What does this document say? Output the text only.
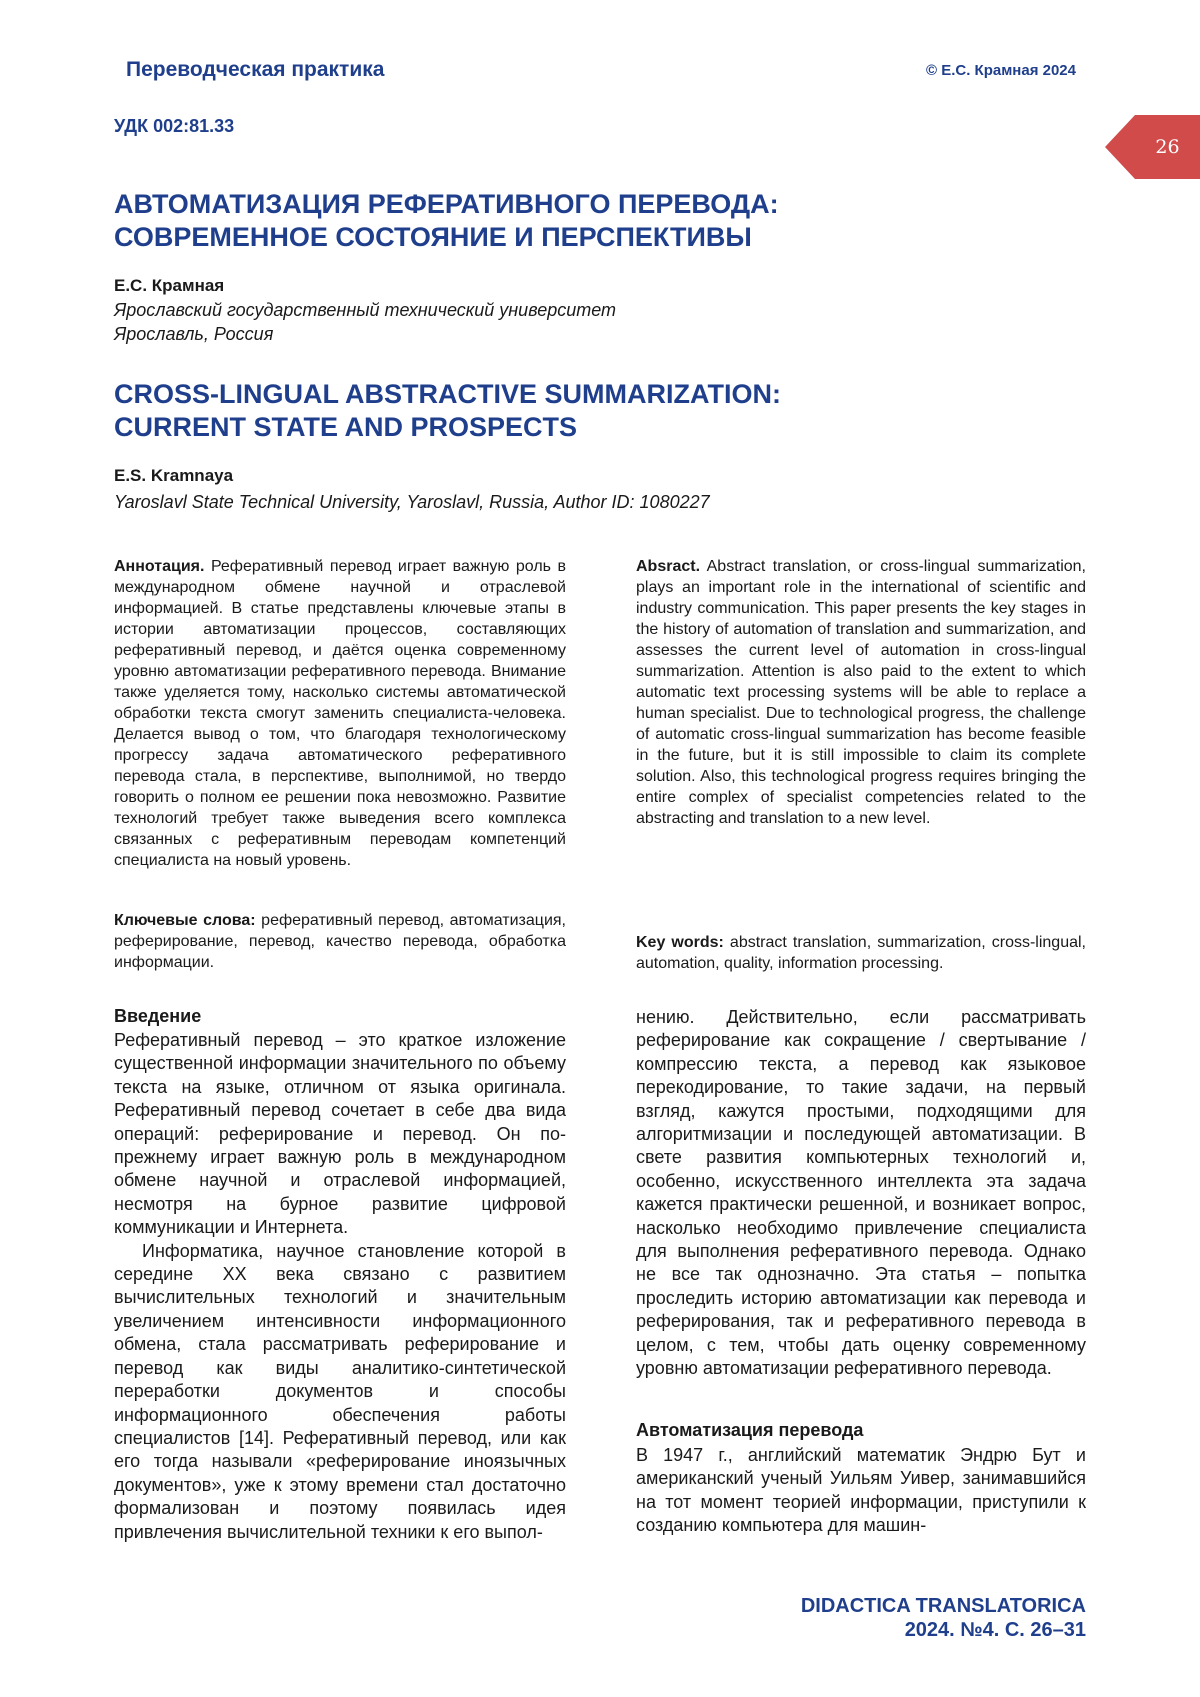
Переводческая практика	© Е.С. Крамная 2024
УДК 002:81.33
26
АВТОМАТИЗАЦИЯ РЕФЕРАТИВНОГО ПЕРЕВОДА:
СОВРЕМЕННОЕ СОСТОЯНИЕ И ПЕРСПЕКТИВЫ
Е.С. Крамная
Ярославский государственный технический университет
Ярославль, Россия
CROSS-LINGUAL ABSTRACTIVE SUMMARIZATION:
CURRENT STATE AND PROSPECTS
E.S. Kramnaya
Yaroslavl State Technical University, Yaroslavl, Russia, Author ID: 1080227
Аннотация. Реферативный перевод играет важную роль в международном обмене научной и отраслевой информацией. В статье представлены ключевые этапы в истории автоматизации процессов, составляющих реферативный перевод, и даётся оценка современному уровню автоматизации реферативного перевода. Внимание также уделяется тому, насколько системы автоматической обработки текста смогут заменить специалиста-человека. Делается вывод о том, что благодаря технологическому прогрессу задача автоматического реферативного перевода стала, в перспективе, выполнимой, но твердо говорить о полном ее решении пока невозможно. Развитие технологий требует также выведения всего комплекса связанных с реферативным переводам компетенций специалиста на новый уровень.
Absract. Abstract translation, or cross-lingual summarization, plays an important role in the international of scientific and industry communication. This paper presents the key stages in the history of automation of translation and summarization, and assesses the current level of automation in cross-lingual summarization. Attention is also paid to the extent to which automatic text processing systems will be able to replace a human specialist. Due to technological progress, the challenge of automatic cross-lingual summarization has become feasible in the future, but it is still impossible to claim its complete solution. Also, this technological progress requires bringing the entire complex of specialist competencies related to the abstracting and translation to a new level.
Ключевые слова: реферативный перевод, автоматизация, реферирование, перевод, качество перевода, обработка информации.
Key words: abstract translation, summarization, cross-lingual, automation, quality, information processing.
Введение

Реферативный перевод – это краткое изложение существенной информации значительного по объему текста на языке, отличном от языка оригинала. Реферативный перевод сочетает в себе два вида операций: реферирование и перевод. Он по-прежнему играет важную роль в международном обмене научной и отраслевой информацией, несмотря на бурное развитие цифровой коммуникации и Интернета.

Информатика, научное становление которой в середине XX века связано с развитием вычислительных технологий и значительным увеличением интенсивности информационного обмена, стала рассматривать реферирование и перевод как виды аналитико-синтетической переработки документов и способы информационного обеспечения работы специалистов [14]. Реферативный перевод, или как его тогда называли «реферирование иноязычных документов», уже к этому времени стал достаточно формализован и поэтому появилась идея привлечения вычислительной техники к его выпол-

нению. Действительно, если рассматривать реферирование как сокращение / свертывание / компрессию текста, а перевод как языковое перекодирование, то такие задачи, на первый взгляд, кажутся простыми, подходящими для алгоритмизации и последующей автоматизации. В свете развития компьютерных технологий и, особенно, искусственного интеллекта эта задача кажется практически решенной, и возникает вопрос, насколько необходимо привлечение специалиста для выполнения реферативного перевода. Однако не все так однозначно. Эта статья – попытка проследить историю автоматизации как перевода и реферирования, так и реферативного перевода в целом, с тем, чтобы дать оценку современному уровню автоматизации реферативного перевода.

Автоматизация перевода

В 1947 г., английский математик Эндрю Бут и американский ученый Уильям Уивер, занимавшийся на тот момент теорией информации, приступили к созданию компьютера для машин-

DIDACTICA TRANSLATORICA
2024. №4. С. 26–31
